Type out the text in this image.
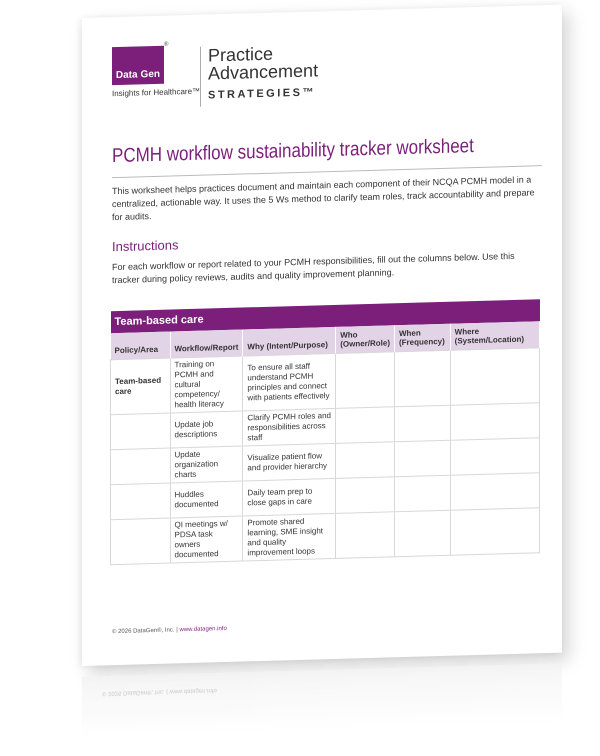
Data Gen
®
Insights for Healthcare™
Practice
Advancement
STRATEGIES™
PCMH workflow sustainability tracker worksheet
This worksheet helps practices document and maintain each component of their NCQA PCMH model in a centralized, actionable way. It uses the 5 Ws method to clarify team roles, track accountability and prepare for audits.
Instructions
For each workflow or report related to your PCMH responsibilities, fill out the columns below. Use this tracker during policy reviews, audits and quality improvement planning.
Team-based care					
Policy/Area	Workflow/Report	Why (Intent/Purpose)	Who (Owner/Role)	When (Frequency)	Where (System/Location)
Team-based care	Training on PCMH and cultural competency/ health literacy	To ensure all staff understand PCMH principles and connect with patients effectively			
	Update job descriptions	Clarify PCMH roles and responsibilities across staff			
	Update organization charts	Visualize patient flow and provider hierarchy			
	Huddles documented	Daily team prep to close gaps in care			
	QI meetings w/ PDSA task owners documented	Promote shared learning, SME insight and quality improvement loops			
© 2026 DataGen®, Inc. | www.datagen.info
© 2026 DataGen®, Inc. | www.datagen.info
